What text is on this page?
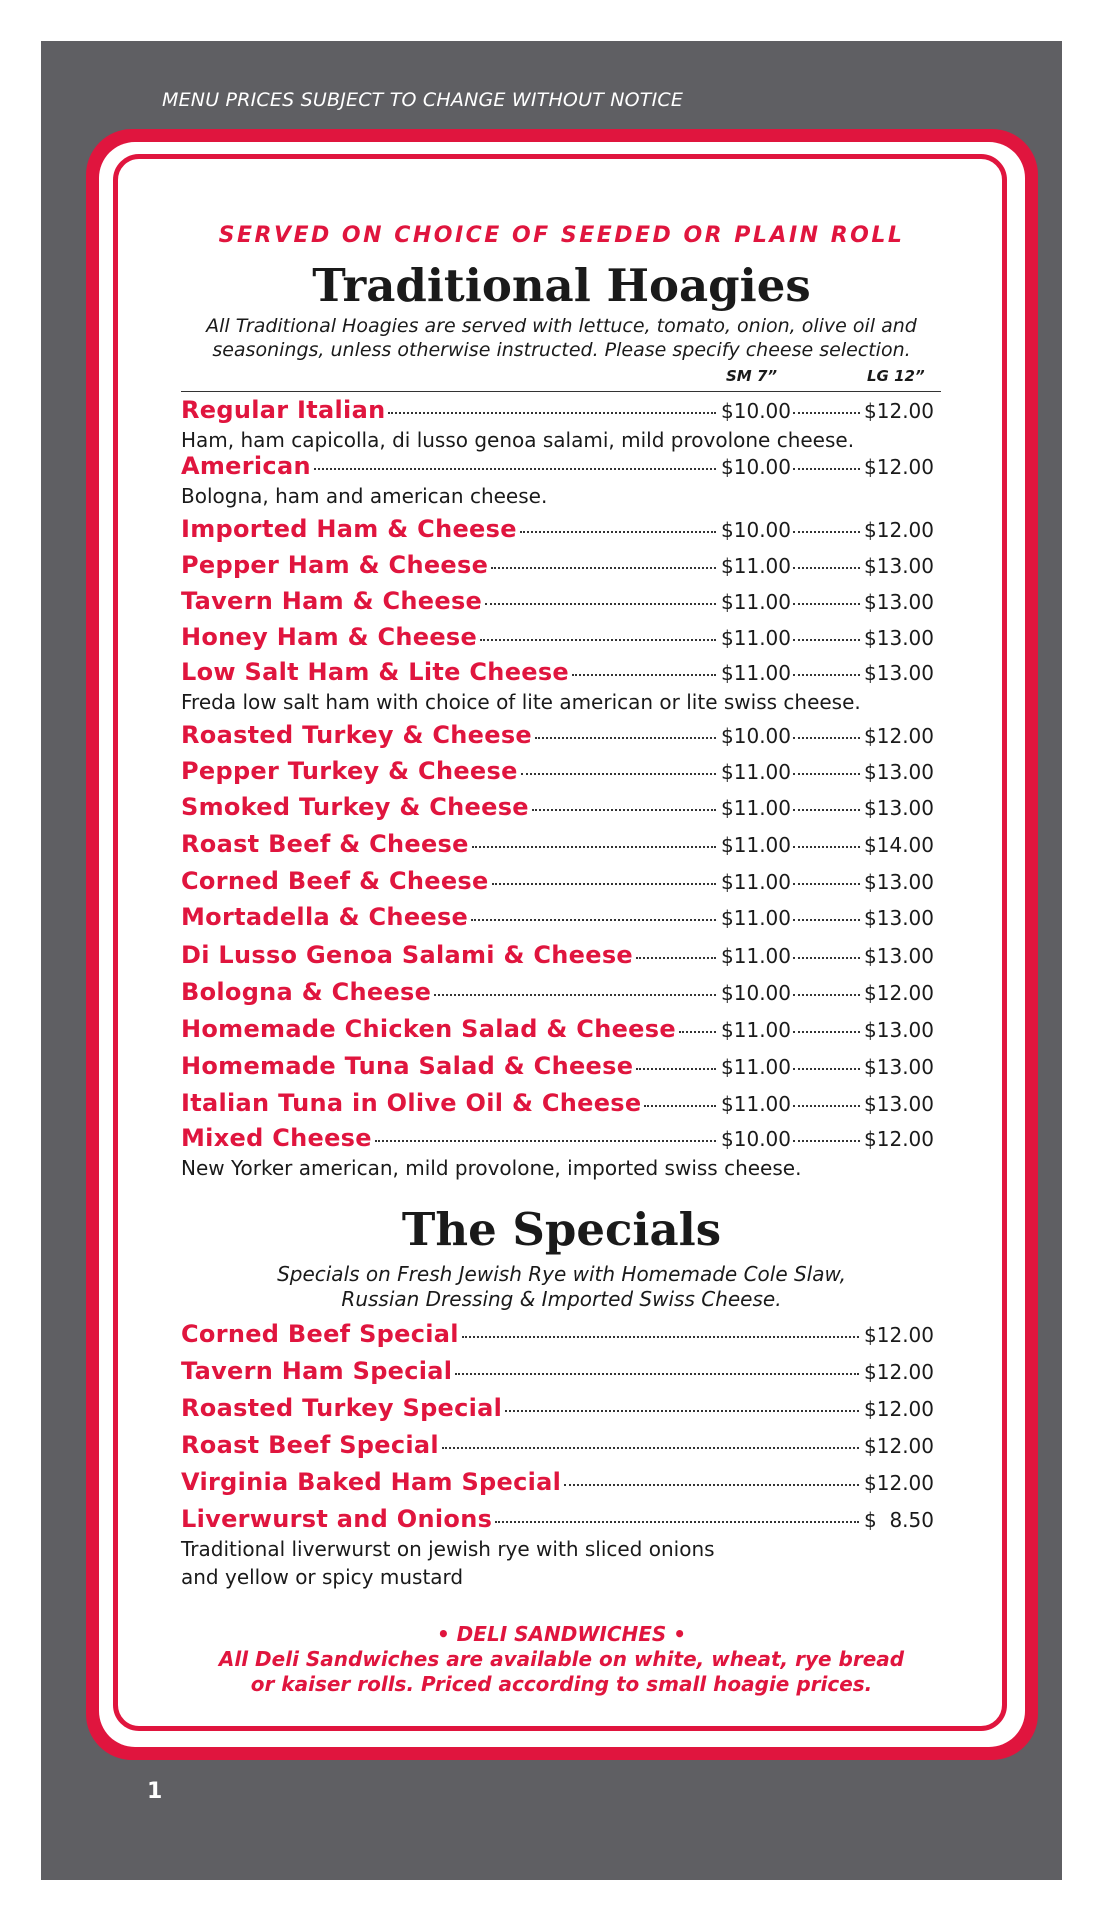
MENU PRICES SUBJECT TO CHANGE WITHOUT NOTICE
1
SERVED ON CHOICE OF SEEDED OR PLAIN ROLL
Traditional Hoagies
All Traditional Hoagies are served with lettuce, tomato, onion, olive oil and
seasonings, unless otherwise instructed. Please specify cheese selection.
SM 7”	LG 12”
Regular Italian	$10.00	$12.00
Ham, ham capicolla, di lusso genoa salami, mild provolone cheese.
American	$10.00	$12.00
Bologna, ham and american cheese.
Imported Ham & Cheese	$10.00	$12.00
Pepper Ham & Cheese	$11.00	$13.00
Tavern Ham & Cheese	$11.00	$13.00
Honey Ham & Cheese	$11.00	$13.00
Low Salt Ham & Lite Cheese	$11.00	$13.00
Freda low salt ham with choice of lite american or lite swiss cheese.
Roasted Turkey & Cheese	$10.00	$12.00
Pepper Turkey & Cheese	$11.00	$13.00
Smoked Turkey & Cheese	$11.00	$13.00
Roast Beef & Cheese	$11.00	$14.00
Corned Beef & Cheese	$11.00	$13.00
Mortadella & Cheese	$11.00	$13.00
Di Lusso Genoa Salami & Cheese	$11.00	$13.00
Bologna & Cheese	$10.00	$12.00
Homemade Chicken Salad & Cheese $11.00	$13.00
Homemade Tuna Salad & Cheese	$11.00	$13.00
Italian Tuna in Olive Oil & Cheese	$11.00	$13.00
Mixed Cheese	$10.00	$12.00
New Yorker american, mild provolone, imported swiss cheese.
The Specials
Specials on Fresh Jewish Rye with Homemade Cole Slaw,
Russian Dressing & Imported Swiss Cheese.
Corned Beef Special	$12.00
Tavern Ham Special	$12.00
Roasted Turkey Special	$12.00
Roast Beef Special	$12.00
Virginia Baked Ham Special	$12.00
Liverwurst and Onions	$  8.50
Traditional liverwurst on jewish rye with sliced onions
and yellow or spicy mustard
• DELI SANDWICHES •
All Deli Sandwiches are available on white, wheat, rye bread
or kaiser rolls. Priced according to small hoagie prices.
